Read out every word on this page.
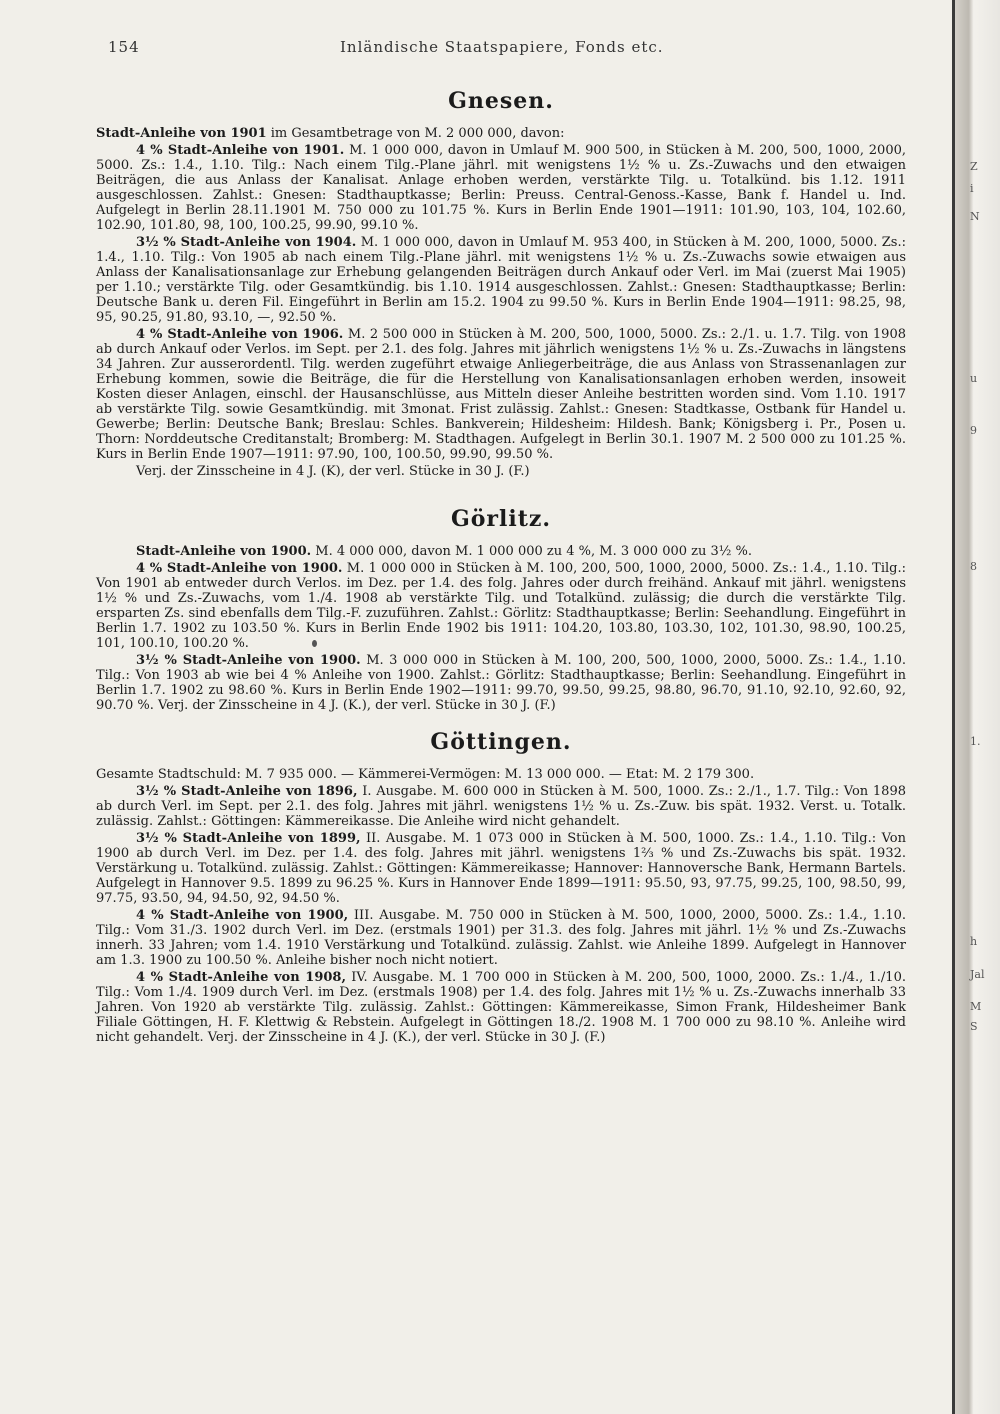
154	Inländische Staatspapiere, Fonds etc.
Gnesen.

Stadt-Anleihe von 1901 im Gesamtbetrage von M. 2 000 000, davon:

4 % Stadt-Anleihe von 1901. M. 1 000 000, davon in Umlauf M. 900 500, in Stücken à M. 200, 500, 1000, 2000, 5000. Zs.: 1.4., 1.10. Tilg.: Nach einem Tilg.-Plane jährl. mit wenigstens 1½ % u. Zs.-Zuwachs und den etwaigen Beiträgen, die aus Anlass der Kanalisat. Anlage erhoben werden, verstärkte Tilg. u. Totalkünd. bis 1.12. 1911 ausgeschlossen. Zahlst.: Gnesen: Stadthauptkasse; Berlin: Preuss. Central-Genoss.-Kasse, Bank f. Handel u. Ind. Aufgelegt in Berlin 28.11.1901 M. 750 000 zu 101.75 %. Kurs in Berlin Ende 1901—1911: 101.90, 103, 104, 102.60, 102.90, 101.80, 98, 100, 100.25, 99.90, 99.10 %.

3½ % Stadt-Anleihe von 1904. M. 1 000 000, davon in Umlauf M. 953 400, in Stücken à M. 200, 1000, 5000. Zs.: 1.4., 1.10. Tilg.: Von 1905 ab nach einem Tilg.-Plane jährl. mit wenigstens 1½ % u. Zs.-Zuwachs sowie etwaigen aus Anlass der Kanalisationsanlage zur Erhebung gelangenden Beiträgen durch Ankauf oder Verl. im Mai (zuerst Mai 1905) per 1.10.; verstärkte Tilg. oder Gesamtkündig. bis 1.10. 1914 ausgeschlossen. Zahlst.: Gnesen: Stadthauptkasse; Berlin: Deutsche Bank u. deren Fil. Eingeführt in Berlin am 15.2. 1904 zu 99.50 %. Kurs in Berlin Ende 1904—1911: 98.25, 98, 95, 90.25, 91.80, 93.10, —, 92.50 %.

4 % Stadt-Anleihe von 1906. M. 2 500 000 in Stücken à M. 200, 500, 1000, 5000. Zs.: 2./1. u. 1.7. Tilg. von 1908 ab durch Ankauf oder Verlos. im Sept. per 2.1. des folg. Jahres mit jährlich wenigstens 1½ % u. Zs.-Zuwachs in längstens 34 Jahren. Zur ausserordentl. Tilg. werden zugeführt etwaige Anliegerbeiträge, die aus Anlass von Strassenanlagen zur Erhebung kommen, sowie die Beiträge, die für die Herstellung von Kanalisationsanlagen erhoben werden, insoweit Kosten dieser Anlagen, einschl. der Hausanschlüsse, aus Mitteln dieser Anleihe bestritten worden sind. Vom 1.10. 1917 ab verstärkte Tilg. sowie Gesamtkündig. mit 3monat. Frist zulässig. Zahlst.: Gnesen: Stadtkasse, Ostbank für Handel u. Gewerbe; Berlin: Deutsche Bank; Breslau: Schles. Bankverein; Hildesheim: Hildesh. Bank; Königsberg i. Pr., Posen u. Thorn: Norddeutsche Creditanstalt; Bromberg: M. Stadthagen. Aufgelegt in Berlin 30.1. 1907 M. 2 500 000 zu 101.25 %. Kurs in Berlin Ende 1907—1911: 97.90, 100, 100.50, 99.90, 99.50 %.

Verj. der Zinsscheine in 4 J. (K), der verl. Stücke in 30 J. (F.)

Görlitz.

Stadt-Anleihe von 1900. M. 4 000 000, davon M. 1 000 000 zu 4 %, M. 3 000 000 zu 3½ %.

4 % Stadt-Anleihe von 1900. M. 1 000 000 in Stücken à M. 100, 200, 500, 1000, 2000, 5000. Zs.: 1.4., 1.10. Tilg.: Von 1901 ab entweder durch Verlos. im Dez. per 1.4. des folg. Jahres oder durch freihänd. Ankauf mit jährl. wenigstens 1½ % und Zs.-Zuwachs, vom 1./4. 1908 ab verstärkte Tilg. und Totalkünd. zulässig; die durch die verstärkte Tilg. ersparten Zs. sind ebenfalls dem Tilg.-F. zuzuführen. Zahlst.: Görlitz: Stadthauptkasse; Berlin: Seehandlung. Eingeführt in Berlin 1.7. 1902 zu 103.50 %. Kurs in Berlin Ende 1902 bis 1911: 104.20, 103.80, 103.30, 102, 101.30, 98.90, 100.25, 101, 100.10, 100.20 %.

3½ % Stadt-Anleihe von 1900. M. 3 000 000 in Stücken à M. 100, 200, 500, 1000, 2000, 5000. Zs.: 1.4., 1.10. Tilg.: Von 1903 ab wie bei 4 % Anleihe von 1900. Zahlst.: Görlitz: Stadthauptkasse; Berlin: Seehandlung. Eingeführt in Berlin 1.7. 1902 zu 98.60 %. Kurs in Berlin Ende 1902—1911: 99.70, 99.50, 99.25, 98.80, 96.70, 91.10, 92.10, 92.60, 92, 90.70 %. Verj. der Zinsscheine in 4 J. (K.), der verl. Stücke in 30 J. (F.)

Göttingen.

Gesamte Stadtschuld: M. 7 935 000. — Kämmerei-Vermögen: M. 13 000 000. — Etat: M. 2 179 300.

3½ % Stadt-Anleihe von 1896, I. Ausgabe. M. 600 000 in Stücken à M. 500, 1000. Zs.: 2./1., 1.7. Tilg.: Von 1898 ab durch Verl. im Sept. per 2.1. des folg. Jahres mit jährl. wenigstens 1½ % u. Zs.-Zuw. bis spät. 1932. Verst. u. Totalk. zulässig. Zahlst.: Göttingen: Kämmereikasse. Die Anleihe wird nicht gehandelt.

3½ % Stadt-Anleihe von 1899, II. Ausgabe. M. 1 073 000 in Stücken à M. 500, 1000. Zs.: 1.4., 1.10. Tilg.: Von 1900 ab durch Verl. im Dez. per 1.4. des folg. Jahres mit jährl. wenigstens 1⅔ % und Zs.-Zuwachs bis spät. 1932. Verstärkung u. Totalkünd. zulässig. Zahlst.: Göttingen: Kämmereikasse; Hannover: Hannoversche Bank, Hermann Bartels. Aufgelegt in Hannover 9.5. 1899 zu 96.25 %. Kurs in Hannover Ende 1899—1911: 95.50, 93, 97.75, 99.25, 100, 98.50, 99, 97.75, 93.50, 94, 94.50, 92, 94.50 %.

4 % Stadt-Anleihe von 1900, III. Ausgabe. M. 750 000 in Stücken à M. 500, 1000, 2000, 5000. Zs.: 1.4., 1.10. Tilg.: Vom 31./3. 1902 durch Verl. im Dez. (erstmals 1901) per 31.3. des folg. Jahres mit jährl. 1½ % und Zs.-Zuwachs innerh. 33 Jahren; vom 1.4. 1910 Verstärkung und Totalkünd. zulässig. Zahlst. wie Anleihe 1899. Aufgelegt in Hannover am 1.3. 1900 zu 100.50 %. Anleihe bisher noch nicht notiert.

4 % Stadt-Anleihe von 1908, IV. Ausgabe. M. 1 700 000 in Stücken à M. 200, 500, 1000, 2000. Zs.: 1./4., 1./10. Tilg.: Vom 1./4. 1909 durch Verl. im Dez. (erstmals 1908) per 1.4. des folg. Jahres mit 1½ % u. Zs.-Zuwachs innerhalb 33 Jahren. Von 1920 ab verstärkte Tilg. zulässig. Zahlst.: Göttingen: Kämmereikasse, Simon Frank, Hildesheimer Bank Filiale Göttingen, H. F. Klettwig & Rebstein. Aufgelegt in Göttingen 18./2. 1908 M. 1 700 000 zu 98.10 %. Anleihe wird nicht gehandelt. Verj. der Zinsscheine in 4 J. (K.), der verl. Stücke in 30 J. (F.)

Z
i
N
u
9
8
1.
h
Jal
M
S
